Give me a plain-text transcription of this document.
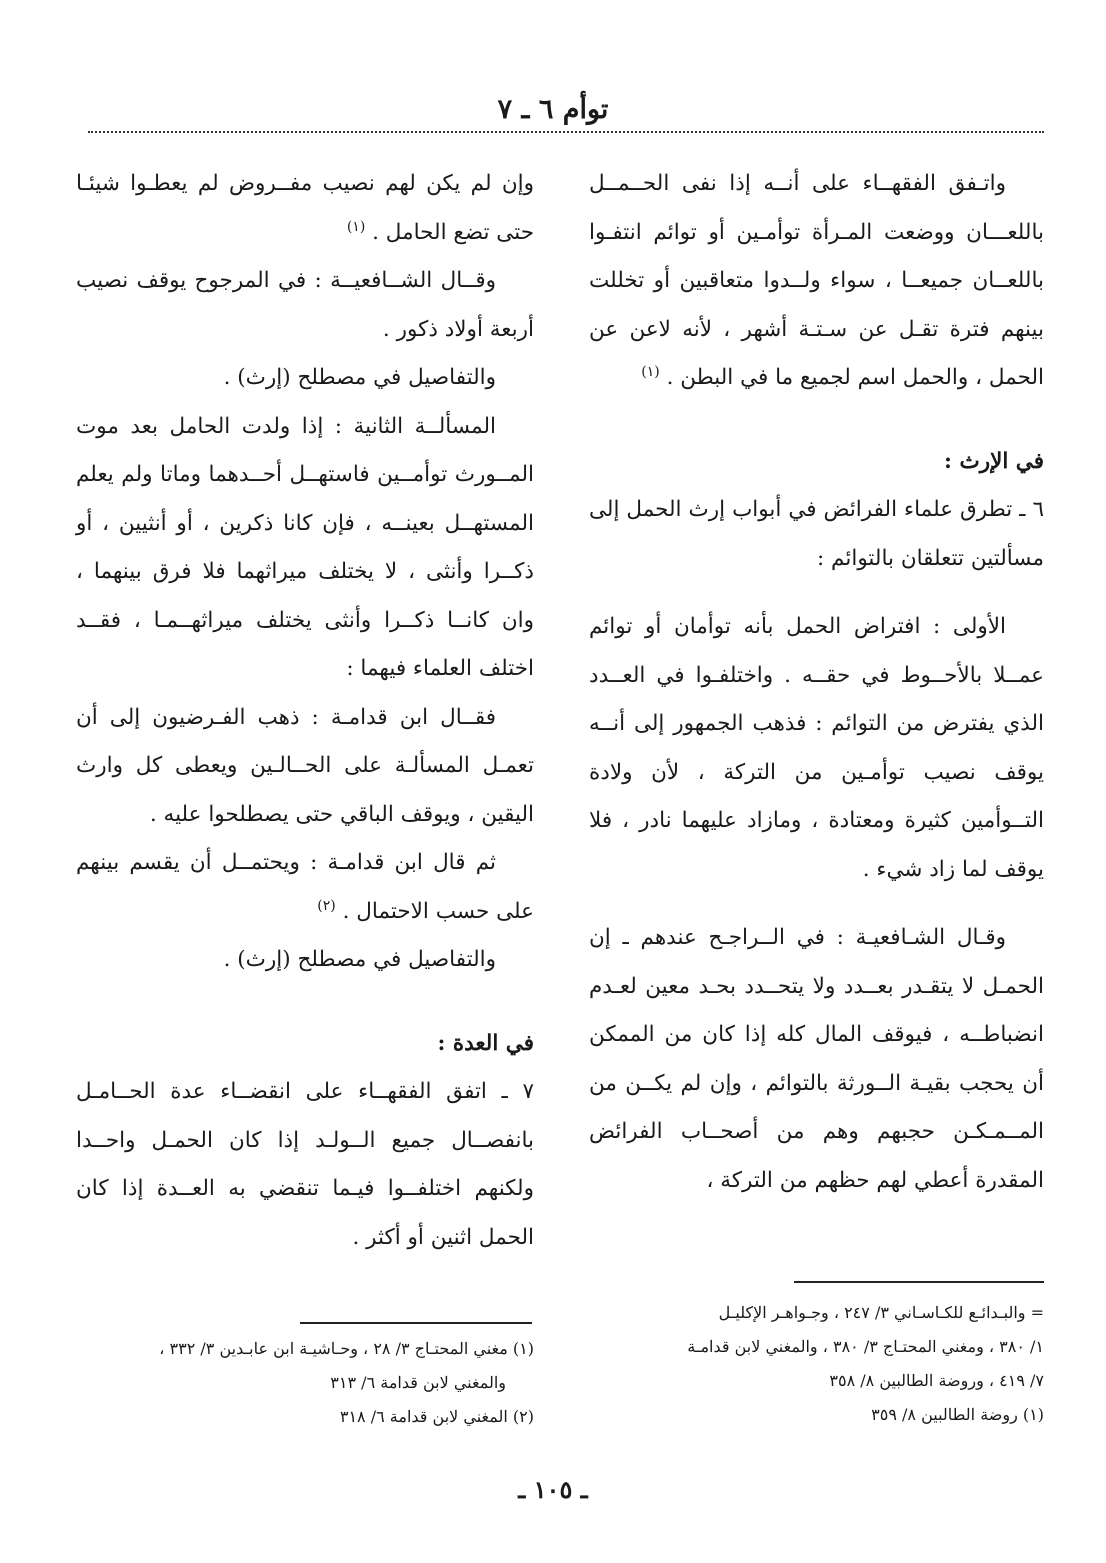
توأم ٦ ـ ٧

واتـفق الفقهــاء على أنــه إذا نفى الحــمــل باللعـــان ووضعت المـرأة توأمـين أو توائم انتفـوا باللعــان جميعــا ، سواء ولــدوا متعاقبين أو تخللت بينهم فترة تقـل عن سـتـة أشهر ، لأنه لاعن عن الحمل ، والحمل اسم لجميع ما في البطن . $^{(١)}$

في الإرث :

٦ ـ تطرق علماء الفرائض في أبواب إرث الحمل إلى مسألتين تتعلقان بالتوائم :

الأولى : افتراض الحمل بأنه توأمان أو توائم عمــلا بالأحــوط في حقــه . واختلفـوا في العــدد الذي يفترض من التوائم : فذهب الجمهور إلى أنــه يوقف نصيب توأمـين من التركة ، لأن ولادة التــوأمين كثيرة ومعتادة ، ومازاد عليهما نادر ، فلا يوقف لما زاد شيء .

وقـال الشـافعيـة : في الــراجـح عندهم ـ إن الحمـل لا يتقـدر بعــدد ولا يتحــدد بحـد معين لعـدم انضباطــه ، فيوقف المال كله إذا كان من الممكن أن يحجب بقيـة الــورثة بالتوائم ، وإن لم يكــن من المــمـكـن حجبهم وهم من أصحــاب الفرائض المقدرة أعطي لهم حظهم من التركة ،

وإن لم يكن لهم نصيب مفــروض لم يعطـوا شيئـا حتى تضع الحامل . $^{(١)}$

وقــال الشــافعيــة : في المرجوح يوقف نصيب أربعة أولاد ذكور .

والتفاصيل في مصطلح (إرث) .

المسألــة الثانية : إذا ولدت الحامل بعد موت المــورث توأمــين فاستهــل أحــدهما وماتا ولم يعلم المستهــل بعينــه ، فإن كانا ذكرين ، أو أنثيين ، أو ذكــرا وأنثى ، لا يختلف ميراثهما فلا فرق بينهما ، وان كانــا ذكــرا وأنثى يختلف ميراثهــمـا ، فقــد اختلف العلماء فيهما :

فقــال ابن قدامـة : ذهب الفـرضيون إلى أن تعمـل المسألـة على الحــالـين ويعطى كل وارث اليقين ، ويوقف الباقي حتى يصطلحوا عليه .

ثم قال ابن قدامـة : ويحتمــل أن يقسم بينهم على حسب الاحتمال . $^{(٢)}$

والتفاصيل في مصطلح (إرث) .

في العدة :

٧ ـ اتفق الفقهــاء على انقضــاء عدة الحــامـل بانفصــال جميع الــولـد إذا كان الحمـل واحــدا ولكنهم اختلفــوا فيـما تنقضي به العــدة إذا كان الحمل اثنين أو أكثر .

= والبـدائـع للكـاسـاني ٣/ ٢٤٧ ، وجـواهـر الإكليـل

١/ ٣٨٠ ، ومغني المحتـاج ٣/ ٣٨٠ ، والمغني لابن قدامـة

٧/ ٤١٩ ، وروضة الطالبين ٨/ ٣٥٨

(١) روضة الطالبين ٨/ ٣٥٩

(١) مغني المحتـاج ٣/ ٢٨ ، وحـاشيـة ابن عابـدين ٣/ ٣٣٢ ،

والمغني لابن قدامة ٦/ ٣١٣

(٢) المغني لابن قدامة ٦/ ٣١٨

ـ ١٠٥ ـ
